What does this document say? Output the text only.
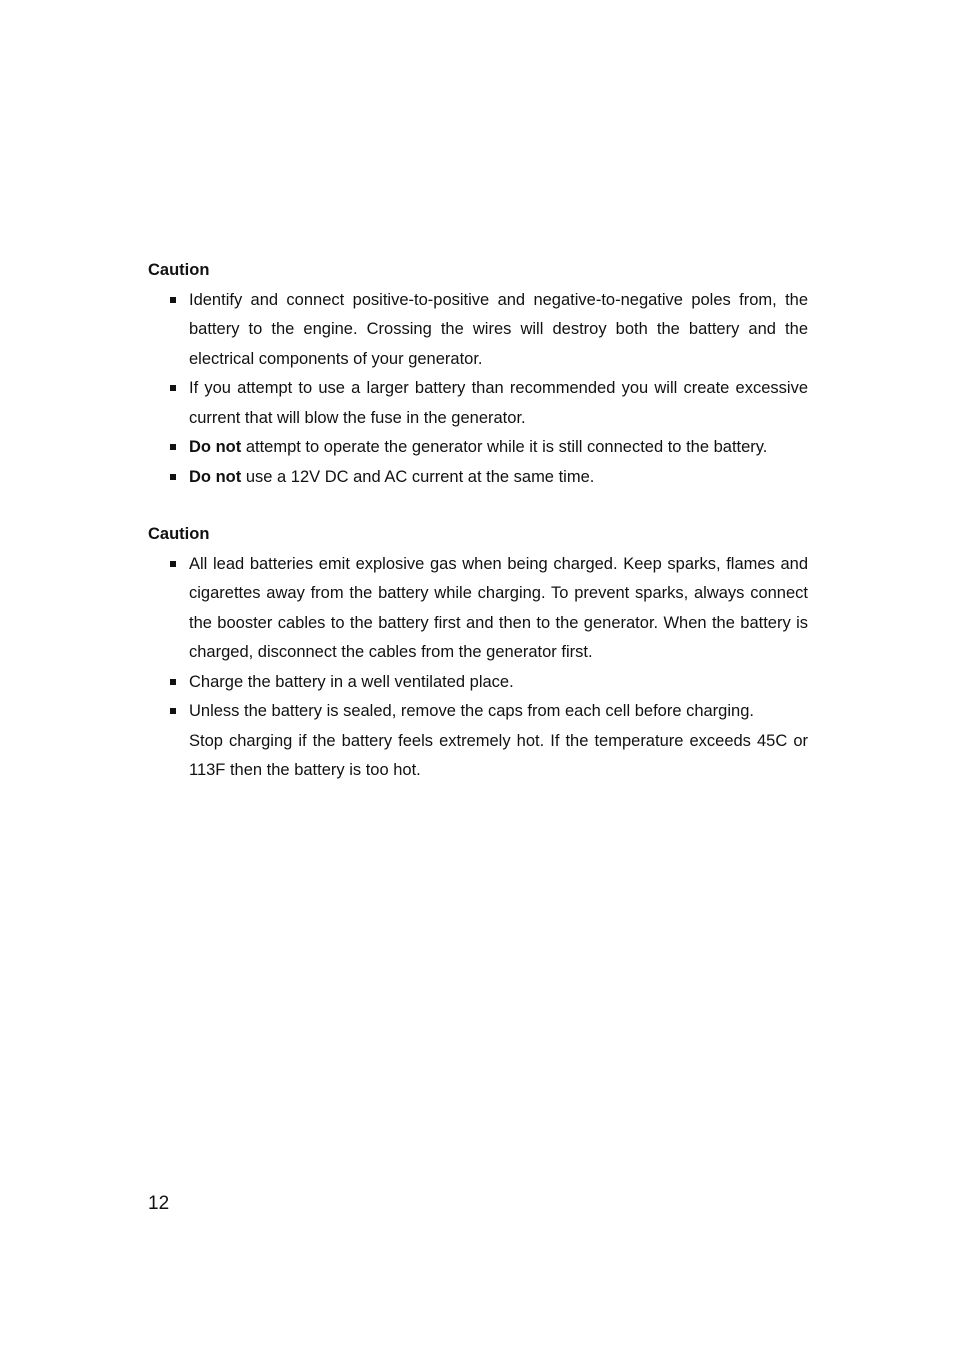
Caution

Identify and connect positive-to-positive and negative-to-negative poles from, the battery to the engine. Crossing the wires will destroy both the battery and the electrical components of your generator.
If you attempt to use a larger battery than recommended you will create excessive current that will blow the fuse in the generator.
Do not attempt to operate the generator while it is still connected to the battery.
Do not use a 12V DC and AC current at the same time.

Caution

All lead batteries emit explosive gas when being charged. Keep sparks, flames and cigarettes away from the battery while charging. To prevent sparks, always connect the booster cables to the battery first and then to the generator. When the battery is charged, disconnect the cables from the generator first.
Charge the battery in a well ventilated place.
Unless the battery is sealed, remove the caps from each cell before charging.

Stop charging if the battery feels extremely hot. If the temperature exceeds 45C or 113F then the battery is too hot.

12
